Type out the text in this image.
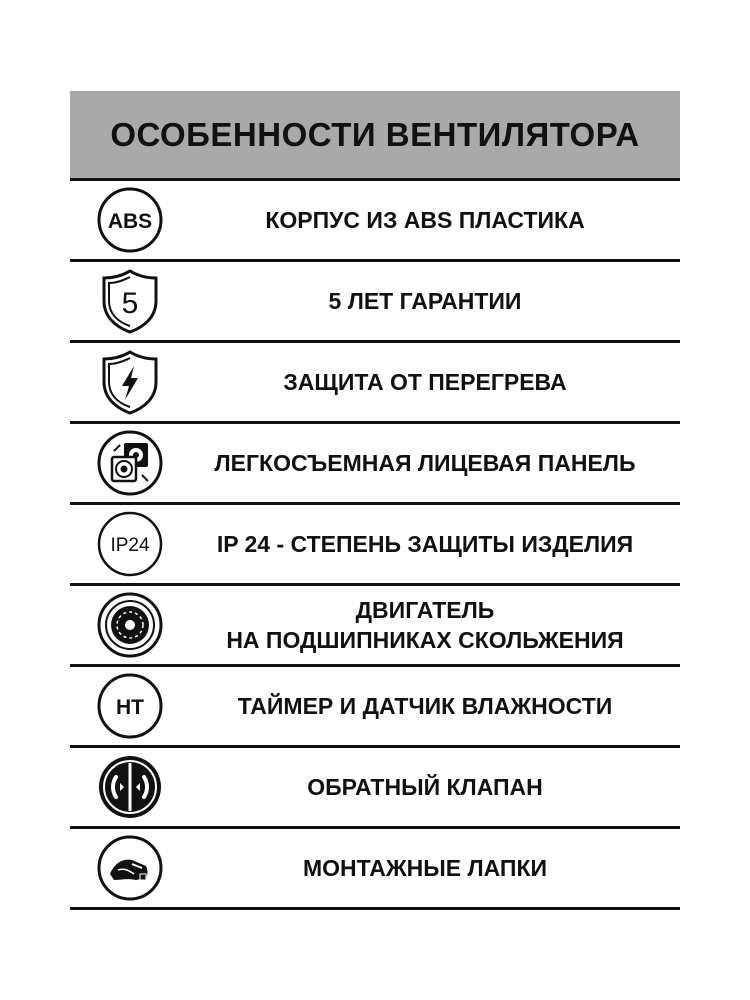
ОСОБЕННОСТИ ВЕНТИЛЯТОРА
ABS	КОРПУС ИЗ ABS ПЛАСТИКА
5	5 ЛЕТ ГАРАНТИИ
ЗАЩИТА ОТ ПЕРЕГРЕВА
ЛЕГКОСЪЕМНАЯ ЛИЦЕВАЯ ПАНЕЛЬ
IP24	IP 24 - СТЕПЕНЬ ЗАЩИТЫ ИЗДЕЛИЯ
ДВИГАТЕЛЬ
НА ПОДШИПНИКАХ СКОЛЬЖЕНИЯ
HT	ТАЙМЕР И ДАТЧИК ВЛАЖНОСТИ
ОБРАТНЫЙ КЛАПАН
МОНТАЖНЫЕ ЛАПКИ
